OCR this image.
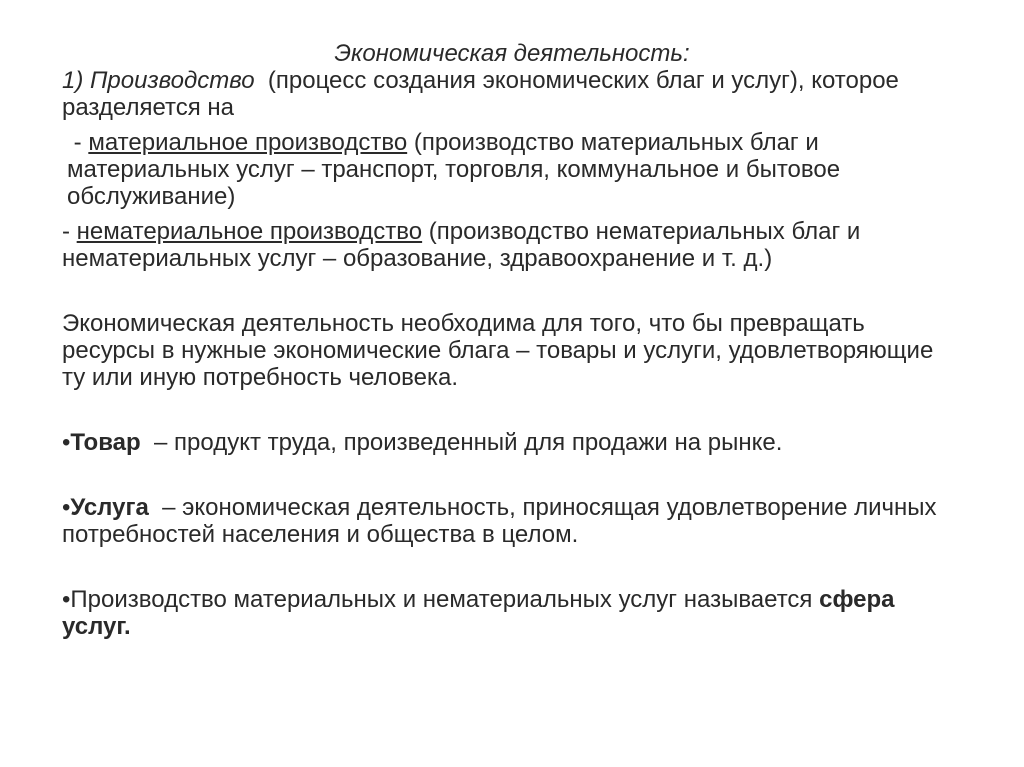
Экономическая деятельность:

1) Производство  (процесс создания экономических благ и услуг), которое разделяется на

- материальное производство (производство материальных благ и материальных услуг – транспорт, торговля, коммунальное и бытовое обслуживание)

- нематериальное производство (производство нематериальных благ и нематериальных услуг – образование, здравоохранение и т. д.)

Экономическая деятельность необходима для того, что бы превращать ресурсы в нужные экономические блага – товары и услуги, удовлетворяющие ту или иную потребность человека.

•Товар  – продукт труда, произведенный для продажи на рынке.

•Услуга  – экономическая деятельность, приносящая удовлетворение личных потребностей населения и общества в целом.

•Производство материальных и нематериальных услуг называется сфера услуг.
